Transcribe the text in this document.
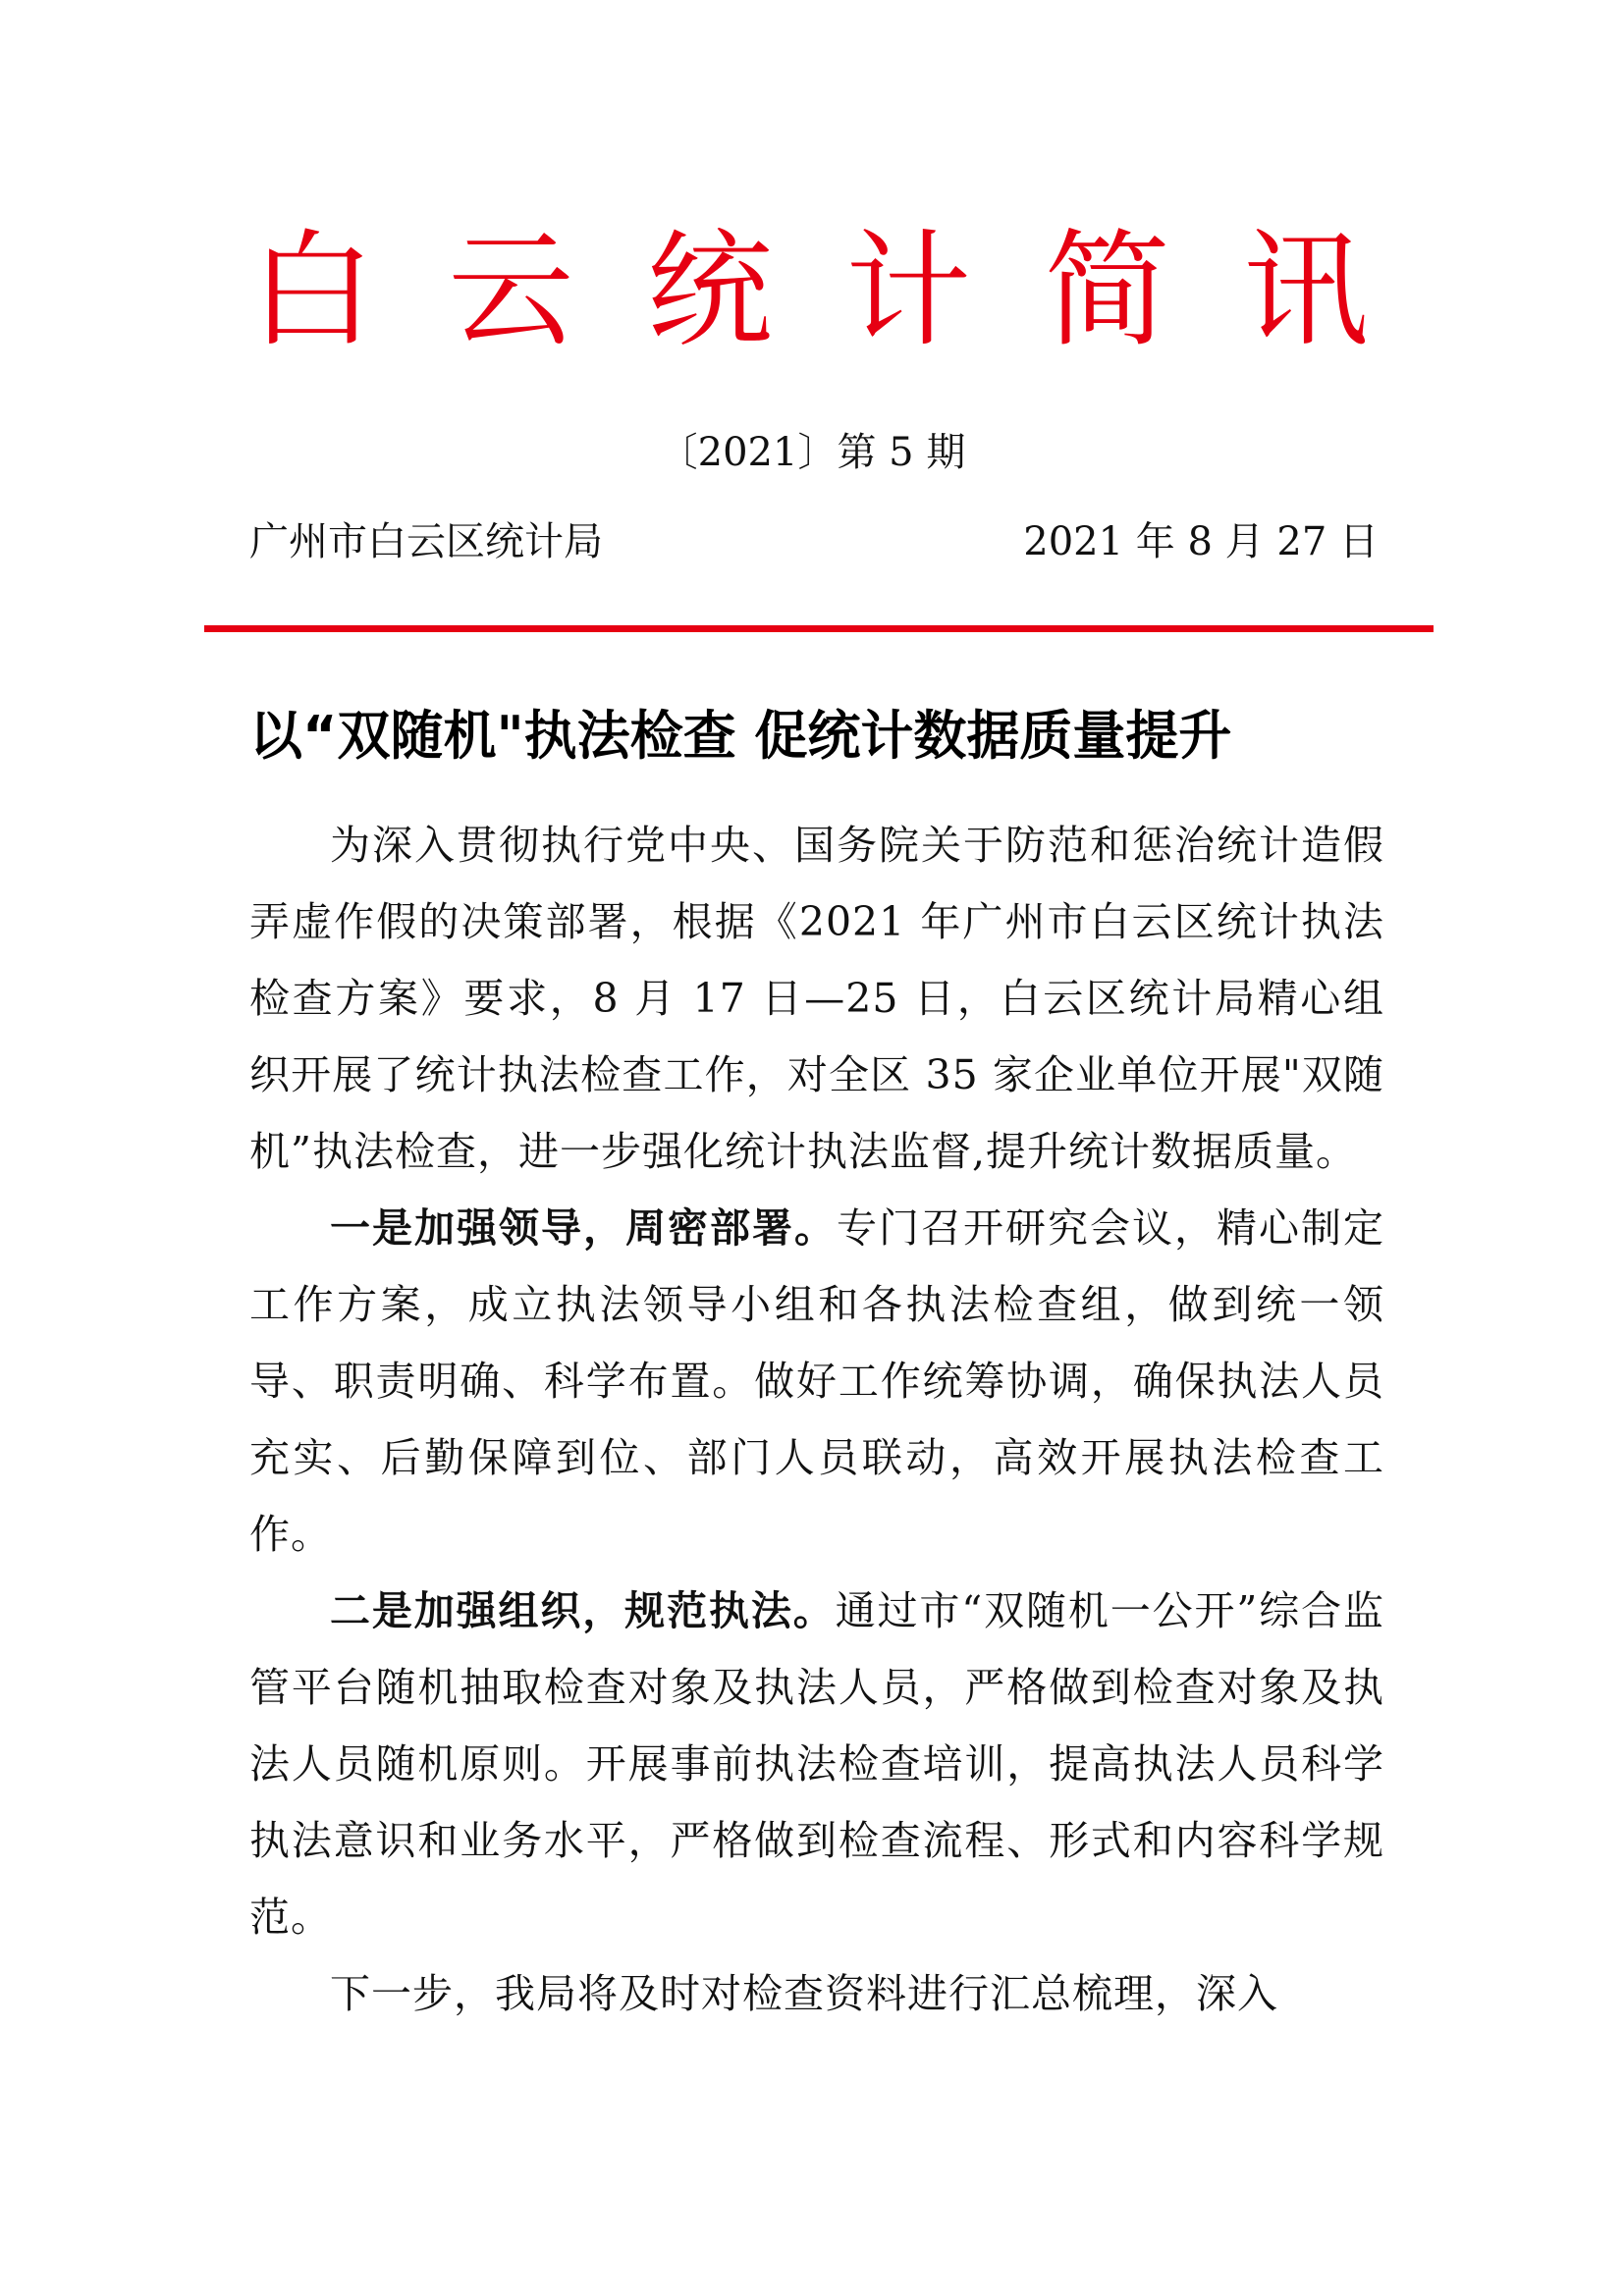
白 云 统 计 简 讯
〔2021〕第 5 期
广州市白云区统计局	2021 年 8 月 27 日
以“双随机"执法检查 促统计数据质量提升

为深入贯彻执行党中央、国务院关于防范和惩治统计造假弄虚作假的决策部署，根据《2021 年广州市白云区统计执法检查方案》要求，8 月 17 日—25 日，白云区统计局精心组织开展了统计执法检查工作，对全区 35 家企业单位开展"双随机”执法检查，进一步强化统计执法监督,提升统计数据质量。

一是加强领导，周密部署。专门召开研究会议，精心制定工作方案，成立执法领导小组和各执法检查组，做到统一领导、职责明确、科学布置。做好工作统筹协调，确保执法人员充实、后勤保障到位、部门人员联动，高效开展执法检查工作。

二是加强组织，规范执法。通过市“双随机一公开”综合监管平台随机抽取检查对象及执法人员，严格做到检查对象及执法人员随机原则。开展事前执法检查培训，提高执法人员科学执法意识和业务水平，严格做到检查流程、形式和内容科学规范。

下一步，我局将及时对检查资料进行汇总梳理，深入
